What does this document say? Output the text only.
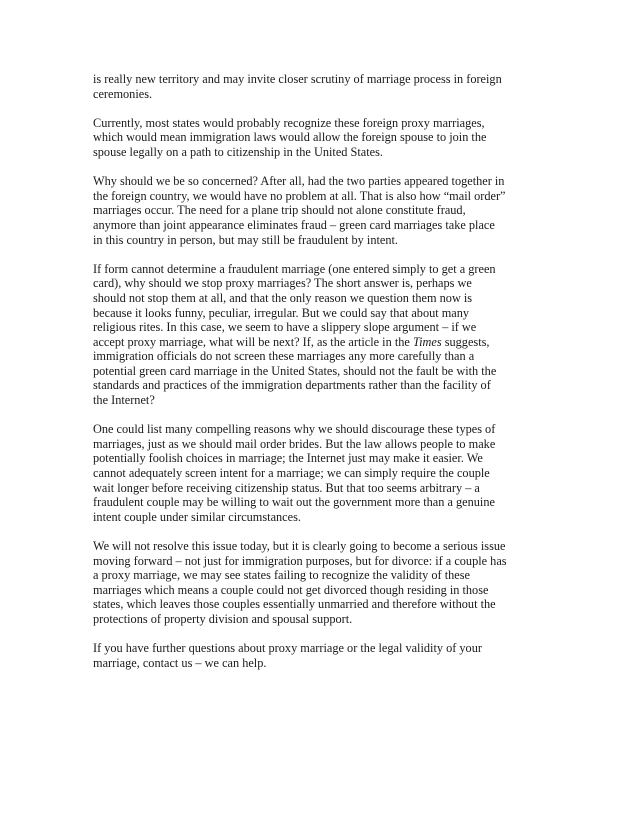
is really new territory and may invite closer scrutiny of marriage process in foreign
ceremonies.

Currently, most states would probably recognize these foreign proxy marriages,
which would mean immigration laws would allow the foreign spouse to join the
spouse legally on a path to citizenship in the United States.

Why should we be so concerned? After all, had the two parties appeared together in
the foreign country, we would have no problem at all. That is also how “mail order”
marriages occur. The need for a plane trip should not alone constitute fraud,
anymore than joint appearance eliminates fraud – green card marriages take place
in this country in person, but may still be fraudulent by intent.

If form cannot determine a fraudulent marriage (one entered simply to get a green
card), why should we stop proxy marriages? The short answer is, perhaps we
should not stop them at all, and that the only reason we question them now is
because it looks funny, peculiar, irregular. But we could say that about many
religious rites. In this case, we seem to have a slippery slope argument – if we
accept proxy marriage, what will be next? If, as the article in the Times suggests,
immigration officials do not screen these marriages any more carefully than a
potential green card marriage in the United States, should not the fault be with the
standards and practices of the immigration departments rather than the facility of
the Internet?

One could list many compelling reasons why we should discourage these types of
marriages, just as we should mail order brides. But the law allows people to make
potentially foolish choices in marriage; the Internet just may make it easier. We
cannot adequately screen intent for a marriage; we can simply require the couple
wait longer before receiving citizenship status. But that too seems arbitrary – a
fraudulent couple may be willing to wait out the government more than a genuine
intent couple under similar circumstances.

We will not resolve this issue today, but it is clearly going to become a serious issue
moving forward – not just for immigration purposes, but for divorce: if a couple has
a proxy marriage, we may see states failing to recognize the validity of these
marriages which means a couple could not get divorced though residing in those
states, which leaves those couples essentially unmarried and therefore without the
protections of property division and spousal support.

If you have further questions about proxy marriage or the legal validity of your
marriage, contact us – we can help.
